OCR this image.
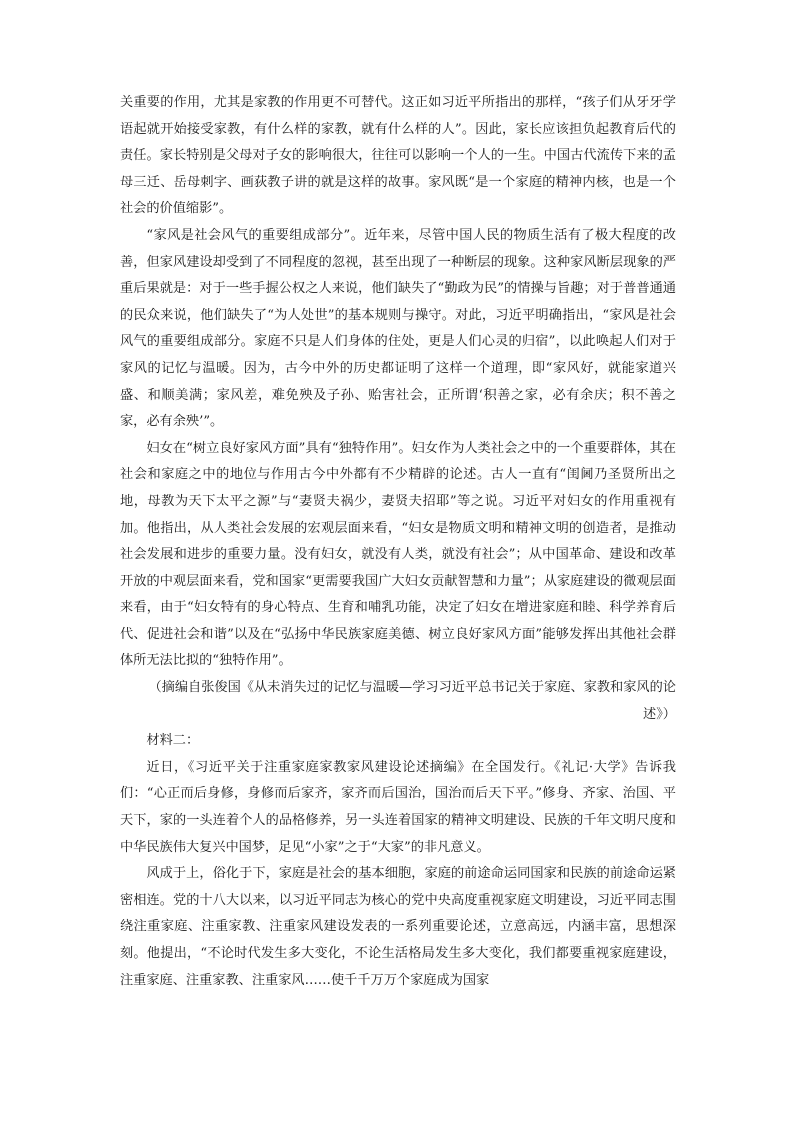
关重要的作用，尤其是家教的作用更不可替代。这正如习近平所指出的那样，“孩子们从牙牙学语起就开始接受家教，有什么样的家教，就有什么样的人”。因此，家长应该担负起教育后代的责任。家长特别是父母对子女的影响很大，往往可以影响一个人的一生。中国古代流传下来的孟母三迁、岳母刺字、画荻教子讲的就是这样的故事。家风既“是一个家庭的精神内核，也是一个社会的价值缩影”。

“家风是社会风气的重要组成部分”。近年来，尽管中国人民的物质生活有了极大程度的改善，但家风建设却受到了不同程度的忽视，甚至出现了一种断层的现象。这种家风断层现象的严重后果就是：对于一些手握公权之人来说，他们缺失了“勤政为民”的情操与旨趣；对于普普通通的民众来说，他们缺失了“为人处世”的基本规则与操守。对此，习近平明确指出，“家风是社会风气的重要组成部分。家庭不只是人们身体的住处，更是人们心灵的归宿”，以此唤起人们对于家风的记忆与温暖。因为，古今中外的历史都证明了这样一个道理，即“家风好，就能家道兴盛、和顺美满；家风差，难免殃及子孙、贻害社会，正所谓‘积善之家，必有余庆；积不善之家，必有余殃’”。

妇女在“树立良好家风方面”具有“独特作用”。妇女作为人类社会之中的一个重要群体，其在社会和家庭之中的地位与作用古今中外都有不少精辟的论述。古人一直有“闺阃乃圣贤所出之地，母教为天下太平之源”与“妻贤夫祸少，妻贤夫招耶”等之说。习近平对妇女的作用重视有加。他指出，从人类社会发展的宏观层面来看，“妇女是物质文明和精神文明的创造者，是推动社会发展和进步的重要力量。没有妇女，就没有人类，就没有社会”；从中国革命、建设和改革开放的中观层面来看，党和国家“更需要我国广大妇女贡献智慧和力量”；从家庭建设的微观层面来看，由于“妇女特有的身心特点、生育和哺乳功能，决定了妇女在增进家庭和睦、科学养育后代、促进社会和谐”以及在“弘扬中华民族家庭美德、树立良好家风方面”能够发挥出其他社会群体所无法比拟的“独特作用”。

（摘编自张俊国《从未消失过的记忆与温暖—学习习近平总书记关于家庭、家教和家风的论述》）

材料二：

近日，《习近平关于注重家庭家教家风建设论述摘编》在全国发行。《礼记·大学》告诉我们：“心正而后身修，身修而后家齐，家齐而后国治，国治而后天下平。”修身、齐家、治国、平天下，家的一头连着个人的品格修养，另一头连着国家的精神文明建设、民族的千年文明尺度和中华民族伟大复兴中国梦，足见“小家”之于“大家”的非凡意义。

风成于上，俗化于下，家庭是社会的基本细胞，家庭的前途命运同国家和民族的前途命运紧密相连。党的十八大以来，以习近平同志为核心的党中央高度重视家庭文明建设，习近平同志围绕注重家庭、注重家教、注重家风建设发表的一系列重要论述，立意高远，内涵丰富，思想深刻。他提出，“不论时代发生多大变化，不论生活格局发生多大变化，我们都要重视家庭建设，注重家庭、注重家教、注重家风……使千千万万个家庭成为国家
